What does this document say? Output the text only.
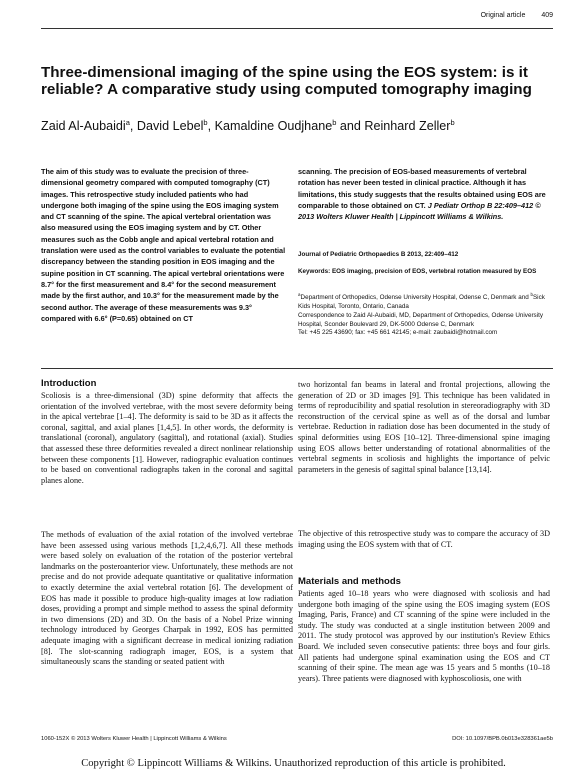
Original article 409
Three-dimensional imaging of the spine using the EOS system: is it reliable? A comparative study using computed tomography imaging
Zaid Al-Aubaidi$^a$, David Lebel$^b$, Kamaldine Oudjhane$^b$ and Reinhard Zeller$^b$

The aim of this study was to evaluate the precision of three-dimensional geometry compared with computed tomography (CT) images. This retrospective study included patients who had undergone both imaging of the spine using the EOS imaging system and CT scanning of the spine. The apical vertebral orientation was also measured using the EOS imaging system and by CT. Other measures such as the Cobb angle and apical vertebral rotation and translation were used as the control variables to evaluate the potential discrepancy between the standing position in EOS imaging and the supine position in CT scanning. The apical vertebral orientations were 8.7° for the first measurement and 8.4° for the second measurement made by the first author, and 10.3° for the measurement made by the second author. The average of these measurements was 9.3° compared with 6.6° (P=0.65) obtained on CT

scanning. The precision of EOS-based measurements of vertebral rotation has never been tested in clinical practice. Although it has limitations, this study suggests that the results obtained using EOS are comparable to those obtained on CT. J Pediatr Orthop B 22:409–412 © 2013 Wolters Kluwer Health | Lippincott Williams & Wilkins.

Journal of Pediatric Orthopaedics B 2013, 22:409–412

Keywords: EOS imaging, precision of EOS, vertebral rotation measured by EOS

$^a$Department of Orthopedics, Odense University Hospital, Odense C, Denmark and $^b$Sick Kids Hospital, Toronto, Ontario, Canada

Correspondence to Zaid Al-Aubaidi, MD, Department of Orthopedics, Odense University Hospital, Sconder Boulevard 29, DK-5000 Odense C, Denmark
Tel: +45 225 43690; fax: +45 661 42145; e-mail: zaubaidi@hotmail.com

Introduction

Scoliosis is a three-dimensional (3D) spine deformity that affects the orientation of the involved vertebrae, with the most severe deformity being in the apical vertebrae [1–4]. The deformity is said to be 3D as it affects the coronal, sagittal, and axial planes [1,4,5]. In other words, the deformity is translational (coronal), angulatory (sagittal), and rotational (axial). Studies that assessed these three deformities revealed a direct nonlinear relationship between these components [1]. However, radiographic evaluation continues to be based on conventional radiographs taken in the coronal and sagittal planes alone.

The methods of evaluation of the axial rotation of the involved vertebrae have been assessed using various methods [1,2,4,6,7]. All these methods were based solely on evaluation of the rotation of the posterior vertebral landmarks on the posteroanterior view. Unfortunately, these methods are not precise and do not provide adequate quantitative or qualitative information to exactly determine the axial vertebral rotation [6]. The development of EOS has made it possible to produce high-quality images at low radiation doses, providing a prompt and simple method to assess the spinal deformity in two dimensions (2D) and 3D. On the basis of a Nobel Prize winning technology introduced by Georges Charpak in 1992, EOS has permitted adequate imaging with a significant decrease in medical ionizing radiation [8]. The slot-scanning radiograph imager, EOS, is a system that simultaneously scans the standing or seated patient with

two horizontal fan beams in lateral and frontal projections, allowing the generation of 2D or 3D images [9]. This technique has been validated in terms of reproducibility and spatial resolution in stereoradiography with 3D reconstruction of the cervical spine as well as of the dorsal and lumbar vertebrae. Reduction in radiation dose has been documented in the study of spinal deformities using EOS [10–12]. Three-dimensional spine imaging using EOS allows better understanding of rotational abnormalities of the vertebral segments in scoliosis and highlights the importance of pelvic parameters in the genesis of sagittal spinal balance [13,14].

The objective of this retrospective study was to compare the accuracy of 3D imaging using the EOS system with that of CT.

Materials and methods

Patients aged 10–18 years who were diagnosed with scoliosis and had undergone both imaging of the spine using the EOS imaging system (EOS Imaging, Paris, France) and CT scanning of the spine were included in the study. The study was conducted at a single institution between 2009 and 2011. The study protocol was approved by our institution's Review Ethics Board. We included seven consecutive patients: three boys and four girls. All patients had undergone spinal examination using the EOS and CT scanning of their spine. The mean age was 15 years and 5 months (10–18 years). Three patients were diagnosed with kyphoscoliosis, one with

1060-152X © 2013 Wolters Kluwer Health | Lippincott Williams & Wilkins	DOI: 10.1097/BPB.0b013e328361ae5b
Copyright © Lippincott Williams & Wilkins. Unauthorized reproduction of this article is prohibited.
